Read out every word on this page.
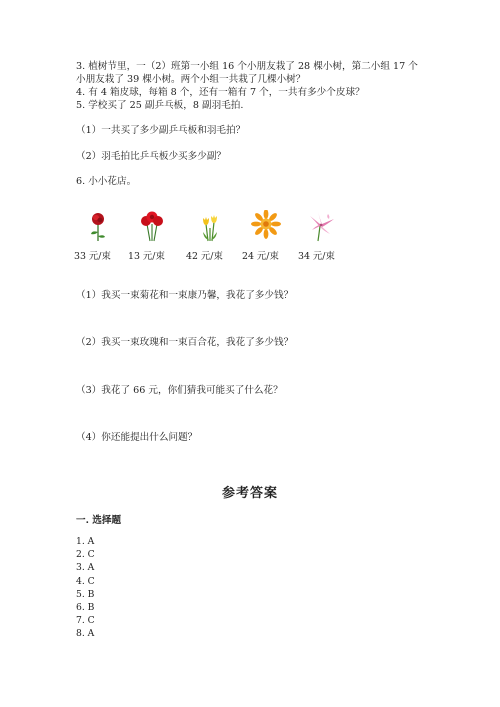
3. 植树节里，一（2）班第一小组 16 个小朋友栽了 28 棵小树，第二小组 17 个
小朋友栽了 39 棵小树。两个小组一共栽了几棵小树？
4. 有 4 箱皮球，每箱 8 个，还有一箱有 7 个，一共有多少个皮球？
5. 学校买了 25 副乒乓板，8 副羽毛拍.
（1）一共买了多少副乒乓板和羽毛拍？
（2）羽毛拍比乒乓板少买多少副？
6. 小小花店。
33 元/束	13 元/束	42 元/束	24 元/束	34 元/束
（1）我买一束菊花和一束康乃馨，我花了多少钱？
（2）我买一束玫瑰和一束百合花，我花了多少钱？
（3）我花了 66 元，你们猜我可能买了什么花？
（4）你还能提出什么问题？
参考答案
一. 选择题
1. A
2. C
3. A
4. C
5. B
6. B
7. C
8. A
